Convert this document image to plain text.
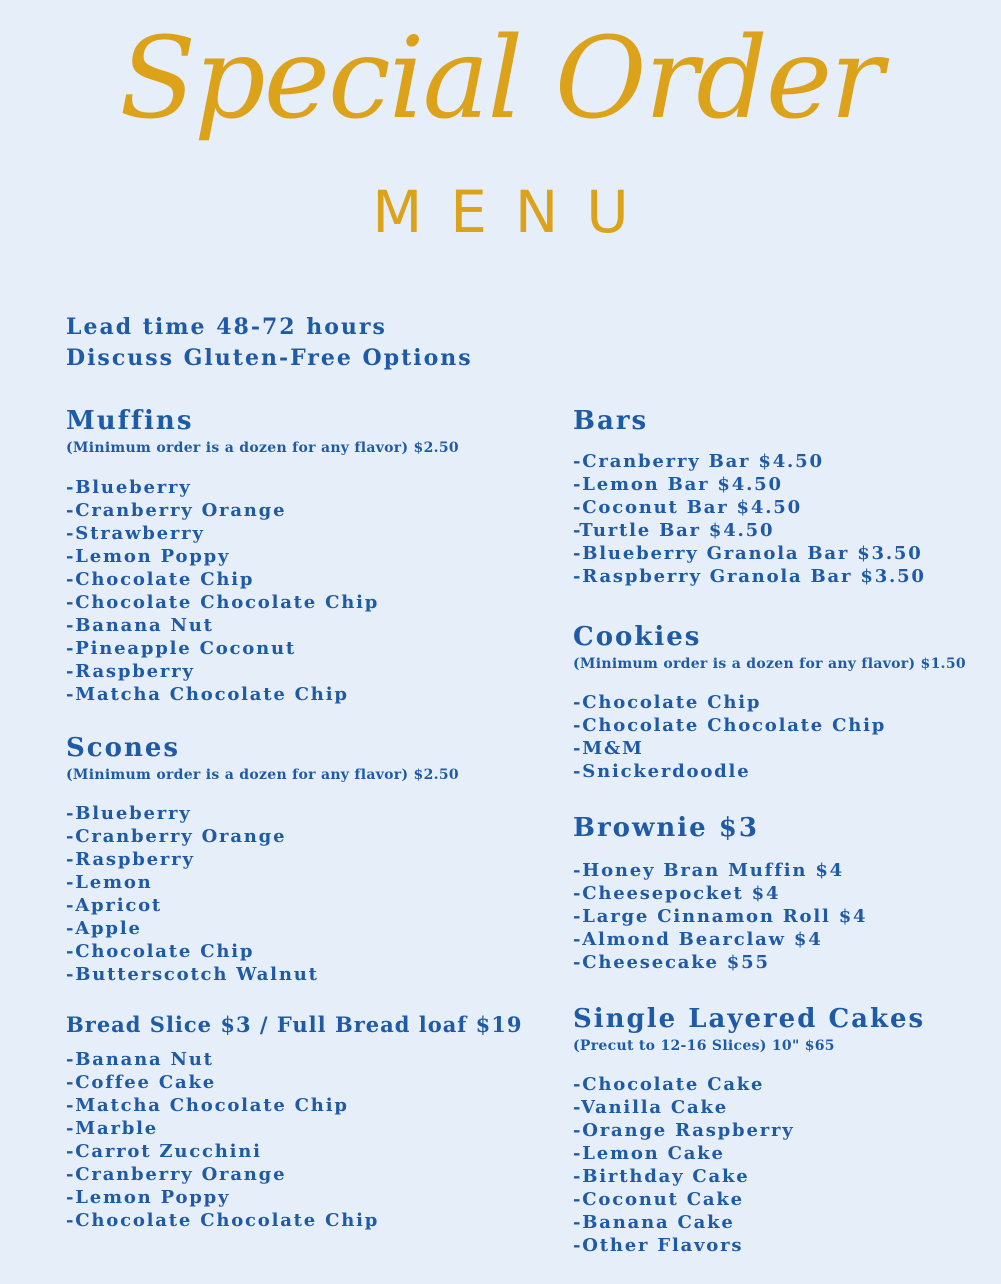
Special Order
MENU
Lead time 48-72 hours
Discuss Gluten-Free Options
Muffins
(Minimum order is a dozen for any flavor) $2.50
- Blueberry
- Cranberry Orange
- Strawberry
- Lemon Poppy
- Chocolate Chip
- Chocolate Chocolate Chip
- Banana Nut
- Pineapple Coconut
- Raspberry
- Matcha Chocolate Chip
Scones
(Minimum order is a dozen for any flavor) $2.50
- Blueberry
- Cranberry Orange
- Raspberry
- Lemon
- Apricot
- Apple
- Chocolate Chip
- Butterscotch Walnut
Bread Slice $3 / Full Bread loaf $19
- Banana Nut
- Coffee Cake
- Matcha Chocolate Chip
- Marble
- Carrot Zucchini
- Cranberry Orange
- Lemon Poppy
- Chocolate Chocolate Chip
Bars
- Cranberry Bar $4.50
- Lemon Bar $4.50
- Coconut Bar $4.50
- Turtle Bar $4.50
- Blueberry Granola Bar $3.50
- Raspberry Granola Bar $3.50
Cookies
(Minimum order is a dozen for any flavor) $1.50
- Chocolate Chip
- Chocolate Chocolate Chip
- M&M
- Snickerdoodle
Brownie $3
- Honey Bran Muffin $4
- Cheesepocket $4
- Large Cinnamon Roll $4
- Almond Bearclaw $4
- Cheesecake $55
Single Layered Cakes
(Precut to 12-16 Slices) 10" $65
- Chocolate Cake
- Vanilla Cake
- Orange Raspberry
- Lemon Cake
- Birthday Cake
- Coconut Cake
- Banana Cake
- Other Flavors
